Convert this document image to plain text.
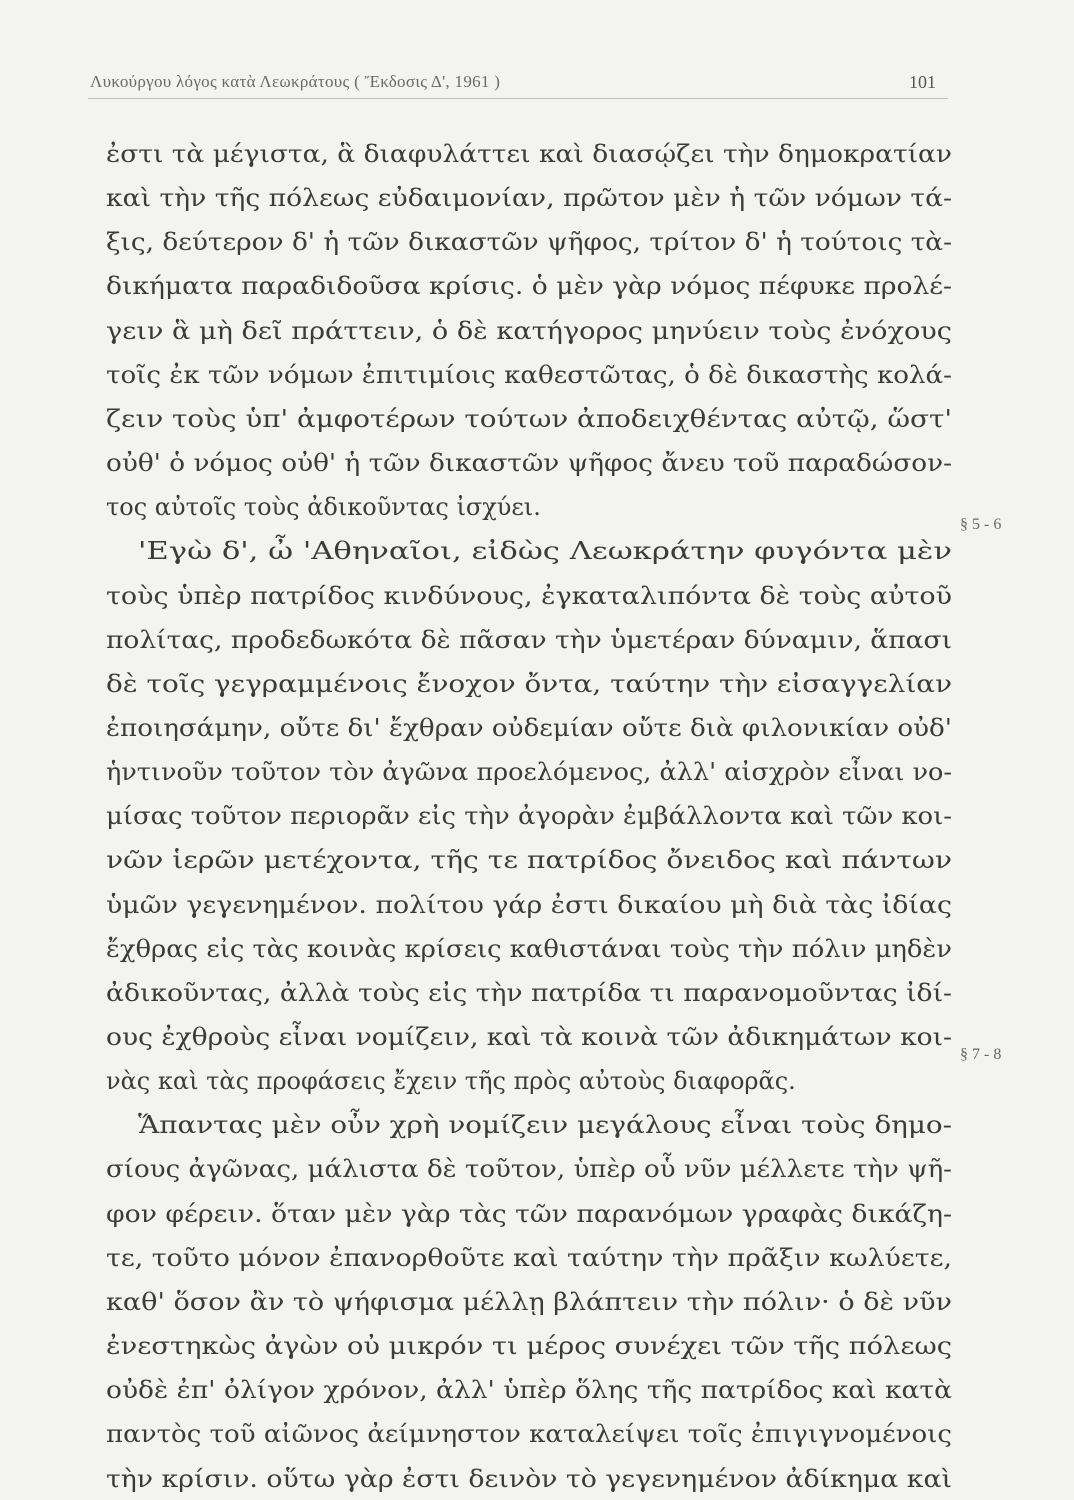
Λυκούργου λόγος κατὰ Λεωκράτους ( Ἔκδοσις Δ', 1961 )	101
ἐστι τὰ μέγιστα, ἃ διαφυλάττει καὶ διασῴζει τὴν δημοκρατίαν
καὶ τὴν τῆς πόλεως εὐδαιμονίαν, πρῶτον μὲν ἡ τῶν νόμων τά-
ξις, δεύτερον δ' ἡ τῶν δικαστῶν ψῆφος, τρίτον δ' ἡ τούτοις τὰ-
δικήματα παραδιδοῦσα κρίσις. ὁ μὲν γὰρ νόμος πέφυκε προλέ-
γειν ἃ μὴ δεῖ πράττειν, ὁ δὲ κατήγορος μηνύειν τοὺς ἐνόχους
τοῖς ἐκ τῶν νόμων ἐπιτιμίοις καθεστῶτας, ὁ δὲ δικαστὴς κολά-
ζειν τοὺς ὑπ' ἀμφοτέρων τούτων ἀποδειχθέντας αὐτῷ, ὥστ'
οὐθ' ὁ νόμος οὐθ' ἡ τῶν δικαστῶν ψῆφος ἄνευ τοῦ παραδώσον-
τος αὐτοῖς τοὺς ἀδικοῦντας ἰσχύει.
'Εγὼ δ', ὦ 'Αθηναῖοι, εἰδὼς Λεωκράτην φυγόντα μὲν
τοὺς ὑπὲρ πατρίδος κινδύνους, ἐγκαταλιπόντα δὲ τοὺς αὐτοῦ
πολίτας, προδεδωκότα δὲ πᾶσαν τὴν ὑμετέραν δύναμιν, ἅπασι
δὲ τοῖς γεγραμμένοις ἔνοχον ὄντα, ταύτην τὴν εἰσαγγελίαν
ἐποιησάμην, οὔτε δι' ἔχθραν οὐδεμίαν οὔτε διὰ φιλονικίαν οὐδ'
ἡντινοῦν τοῦτον τὸν ἀγῶνα προελόμενος, ἀλλ' αἰσχρὸν εἶναι νο-
μίσας τοῦτον περιορᾶν εἰς τὴν ἀγορὰν ἐμβάλλοντα καὶ τῶν κοι-
νῶν ἱερῶν μετέχοντα, τῆς τε πατρίδος ὄνειδος καὶ πάντων
ὑμῶν γεγενημένον. πολίτου γάρ ἐστι δικαίου μὴ διὰ τὰς ἰδίας
ἔχθρας εἰς τὰς κοινὰς κρίσεις καθιστάναι τοὺς τὴν πόλιν μηδὲν
ἀδικοῦντας, ἀλλὰ τοὺς εἰς τὴν πατρίδα τι παρανομοῦντας ἰδί-
ους ἐχθροὺς εἶναι νομίζειν, καὶ τὰ κοινὰ τῶν ἀδικημάτων κοι-
νὰς καὶ τὰς προφάσεις ἔχειν τῆς πρὸς αὐτοὺς διαφορᾶς.
Ἅπαντας μὲν οὖν χρὴ νομίζειν μεγάλους εἶναι τοὺς δημο-
σίους ἀγῶνας, μάλιστα δὲ τοῦτον, ὑπὲρ οὗ νῦν μέλλετε τὴν ψῆ-
φον φέρειν. ὅταν μὲν γὰρ τὰς τῶν παρανόμων γραφὰς δικάζη-
τε, τοῦτο μόνον ἐπανορθοῦτε καὶ ταύτην τὴν πρᾶξιν κωλύετε,
καθ' ὅσον ἂν τὸ ψήφισμα μέλλῃ βλάπτειν τὴν πόλιν· ὁ δὲ νῦν
ἐνεστηκὼς ἀγὼν οὐ μικρόν τι μέρος συνέχει τῶν τῆς πόλεως
οὐδὲ ἐπ' ὀλίγον χρόνον, ἀλλ' ὑπὲρ ὅλης τῆς πατρίδος καὶ κατὰ
παντὸς τοῦ αἰῶνος ἀείμνηστον καταλείψει τοῖς ἐπιγιγνομένοις
τὴν κρίσιν. οὕτω γὰρ ἐστι δεινὸν τὸ γεγενημένον ἀδίκημα καὶ
§ 5 - 6
§ 7 - 8
